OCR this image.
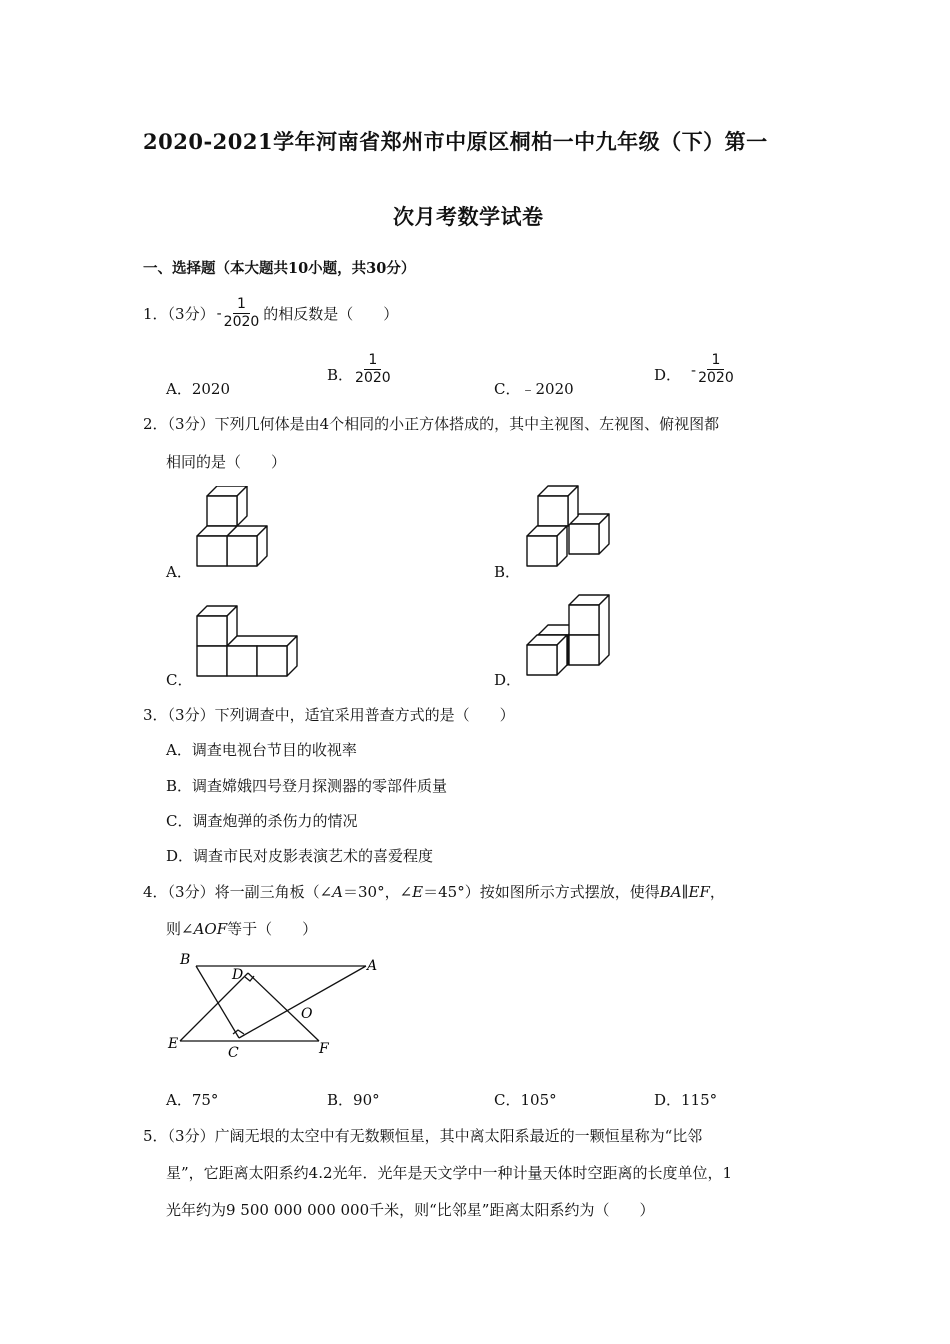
2020-2021学年河南省郑州市中原区桐柏一中九年级（下）第一
次月考数学试卷
一、选择题（本大题共10小题，共30分）
1．（3分） - $\frac{1}{2020}$ 的相反数是（　　）
A．2020
B． $\frac{1}{2020}$
C．﹣2020
D． - $\frac{1}{2020}$
2．（3分）下列几何体是由4个相同的小正方体搭成的，其中主视图、左视图、俯视图都
相同的是（　　）
A．	B．
C．	D．
3．（3分）下列调查中，适宜采用普查方式的是（　　）
A．调查电视台节目的收视率
B．调查嫦娥四号登月探测器的零部件质量
C．调查炮弹的杀伤力的情况
D．调查市民对皮影表演艺术的喜爱程度
4．（3分）将一副三角板（∠A＝30°，∠E＝45°）按如图所示方式摆放，使得BA∥EF，
则∠AOF等于（　　）
B	A
D
O
E
C	F
A．75°	B．90°	C．105°	D．115°
5．（3分）广阔无垠的太空中有无数颗恒星，其中离太阳系最近的一颗恒星称为“比邻
星”，它距离太阳系约4.2光年．光年是天文学中一种计量天体时空距离的长度单位，1
光年约为9 500 000 000 000千米，则“比邻星”距离太阳系约为（　　）
